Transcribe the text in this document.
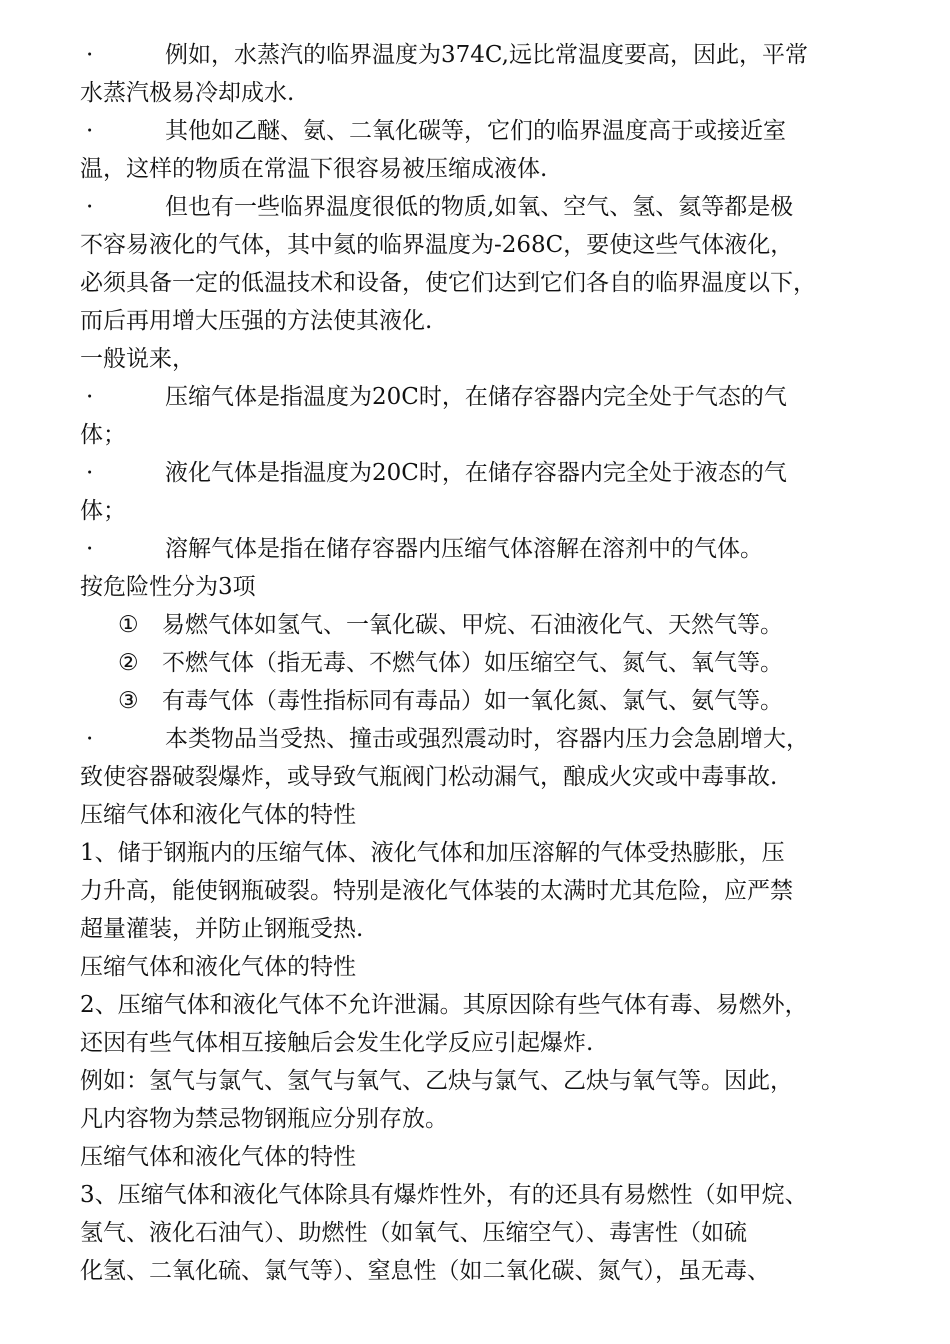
·	例如，水蒸汽的临界温度为374C,远比常温度要高，因此，平常
水蒸汽极易冷却成水.
·	其他如乙醚、氨、二氧化碳等，它们的临界温度高于或接近室
温，这样的物质在常温下很容易被压缩成液体.
·	但也有一些临界温度很低的物质,如氧、空气、氢、氦等都是极
不容易液化的气体，其中氦的临界温度为-268C，要使这些气体液化，
必须具备一定的低温技术和设备，使它们达到它们各自的临界温度以下，
而后再用增大压强的方法使其液化.
一般说来，
·	压缩气体是指温度为20C时，在储存容器内完全处于气态的气
体；
·	液化气体是指温度为20C时，在储存容器内完全处于液态的气
体；
·	溶解气体是指在储存容器内压缩气体溶解在溶剂中的气体。
按危险性分为3项
① 易燃气体如氢气、一氧化碳、甲烷、石油液化气、天然气等。
② 不燃气体（指无毒、不燃气体）如压缩空气、氮气、氧气等。
③ 有毒气体（毒性指标同有毒品）如一氧化氮、氯气、氨气等。
·	本类物品当受热、撞击或强烈震动时，容器内压力会急剧增大，
致使容器破裂爆炸，或导致气瓶阀门松动漏气，酿成火灾或中毒事故.
压缩气体和液化气体的特性
1、储于钢瓶内的压缩气体、液化气体和加压溶解的气体受热膨胀，压
力升高，能使钢瓶破裂。特别是液化气体装的太满时尤其危险，应严禁
超量灌装，并防止钢瓶受热.
压缩气体和液化气体的特性
2、压缩气体和液化气体不允许泄漏。其原因除有些气体有毒、易燃外，
还因有些气体相互接触后会发生化学反应引起爆炸.
例如：氢气与氯气、氢气与氧气、乙炔与氯气、乙炔与氧气等。因此，
凡内容物为禁忌物钢瓶应分别存放。
压缩气体和液化气体的特性
3、压缩气体和液化气体除具有爆炸性外，有的还具有易燃性（如甲烷、
氢气、液化石油气）、助燃性（如氧气、压缩空气）、毒害性（如硫
化氢、二氧化硫、氯气等）、窒息性（如二氧化碳、氮气），虽无毒、
